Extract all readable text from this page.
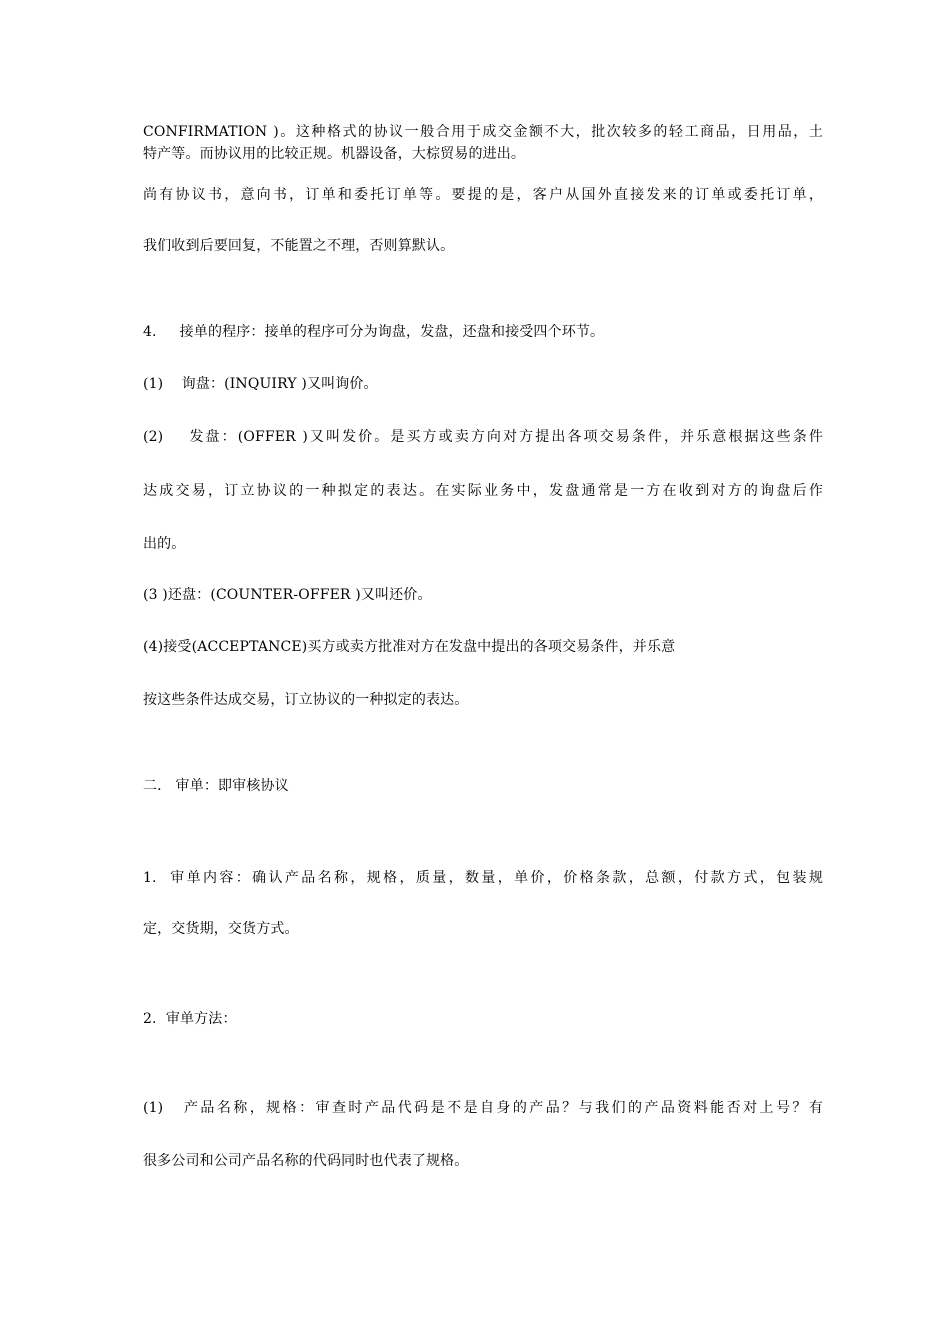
CONFIRMATION )。这种格式的协议一般合用于成交金额不大，批次较多的轻工商品，日用品，土
特产等。而协议用的比较正规。机器设备，大棕贸易的进出。
尚有协议书，意向书，订单和委托订单等。要提的是，客户从国外直接发来的订单或委托订单，
我们收到后要回复，不能置之不理，否则算默认。
4.     接单的程序：接单的程序可分为询盘，发盘，还盘和接受四个环节。
(1)    询盘：(INQUIRY )又叫询价。
(2)    发盘：(OFFER )又叫发价。是买方或卖方向对方提出各项交易条件，并乐意根据这些条件
达成交易，订立协议的一种拟定的表达。在实际业务中，发盘通常是一方在收到对方的询盘后作
出的。
(3 )还盘：(COUNTER-OFFER )又叫还价。
(4)接受(ACCEPTANCE)买方或卖方批准对方在发盘中提出的各项交易条件，并乐意
按这些条件达成交易，订立协议的一种拟定的表达。
二.   审单：即审核协议
1.  审单内容：确认产品名称，规格，质量，数量，单价，价格条款，总额，付款方式，包装规
定，交货期，交货方式。
2.  审单方法：
(1)   产品名称，规格：审查时产品代码是不是自身的产品？与我们的产品资料能否对上号？有
很多公司和公司产品名称的代码同时也代表了规格。
